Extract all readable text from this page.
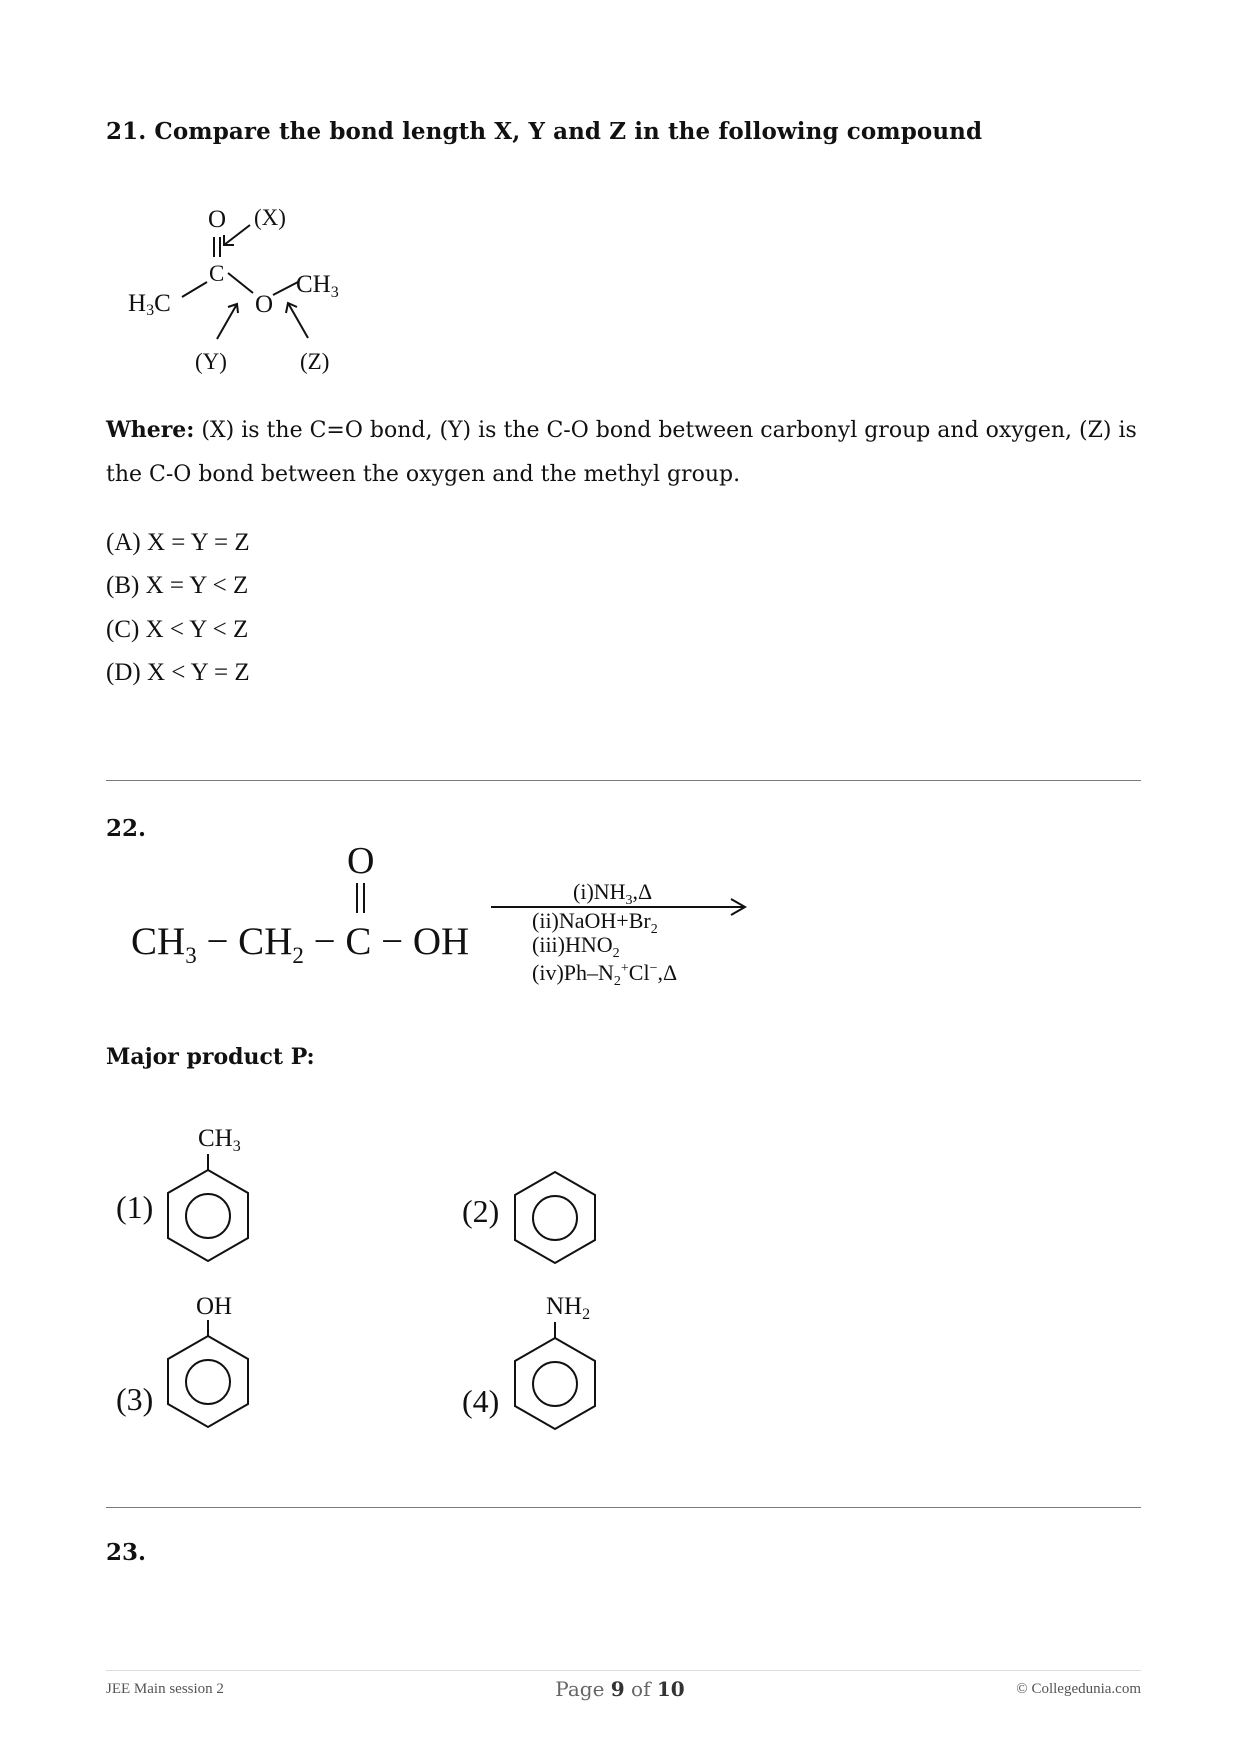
21. Compare the bond length X, Y and Z in the following compound
O (X)
C
H3C
$CH_3$
O
(Y)	(Z)
Where: (X) is the C=O bond, (Y) is the C-O bond between carbonyl group and oxygen, (Z) is the C-O bond between the oxygen and the methyl group.
(A) X = Y = Z
(B) X = Y < Z
(C) X < Y < Z
(D) X < Y = Z
22.
O
$CH_3 - CH_2 - C$ − OH
$(i)NH_3,\Delta$
$(ii)NaOH+Br_2$
$(iii)HNO_2$
$(iv)Ph-N_2^+Cl^-,\Delta$
Major product P:
(1)
$CH_3$
(2)
(3)
OH
(4)
$NH_2$
23.
JEE Main session 2	Page 9 of 10	© Collegedunia.com
